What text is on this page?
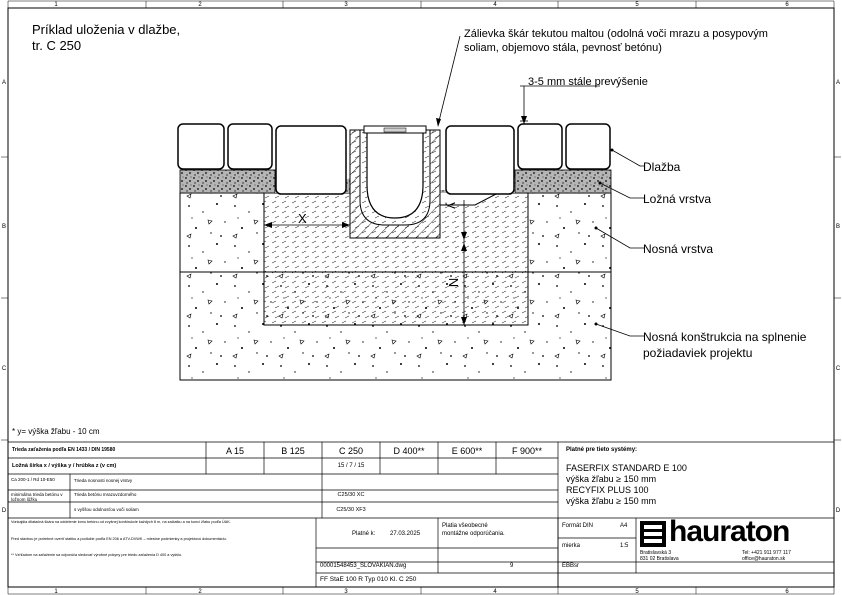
1	2	3	4	5	6
1	2	3	4	5	6
A
B
C
D
A
B
C
D
Príklad uloženia v dlažbe,
tr. C 250
Zálievka škár tekutou maltou (odolná voči mrazu a posypovým
soliam, objemovo stála, pevnosť betónu)
3-5 mm stále prevýšenie
Dlažba
Ložná vrstva
Nosná vrstva
Nosná konštrukcia na splnenie
požiadaviek projektu
X
y
N
* y= výška žľabu - 10 cm
Trieda zaťaženia podľa EN 1433 / DIN 19580	A 15	B 125	C 250	D 400**	E 600**	F 900**
Ložná šírka x / výška y / hrúbka z (v cm)	15 / 7 / 15
Ca 200-1 / Rd 10-E50	Trieda nosnosti nosnej vrstvy
minimálna trieda betónu v ložnom lôžku
Trieda betónu mrazuvzdorného	C25/30 XC
s vyššou odolnosťou voči soliam	C25/30 XF3
Platné pre tieto systémy:
FASERFIX STANDARD E 100
výška žľabu ≥ 150 mm
RECYFIX PLUS 100
výška žľabu ≥ 150 mm
Vonkajšia dilatačná škára na oddelenie lomu betónu od zvyšnej konštrukcie každých 8 m, na začiatku a na konci žľabu podľa ÚAK.
Pred stavbou je potrebné overiť statiku a podložie podľa EN 206 a ATV-DVWK – miestne podmienky a projektovú dokumentáciu.
** Vzhľadom na zaťaženie sa odporúča sledovať výrobné pokyny pre triedu zaťaženia D 400 a vyššiu.
Platné k: 27.03.2025
Platia všeobecné
montážne odporúčania.
Formát DIN	A4
mierka	1:5
00001548453_SLOVAKIAN.dwg	9	EBBsr
FF StaE 100 R Typ 010 Kl. C 250
hauraton
Bratislavská 3
831 02 Bratislava
Tel: +421 911 977 117
office@hauraton.sk
